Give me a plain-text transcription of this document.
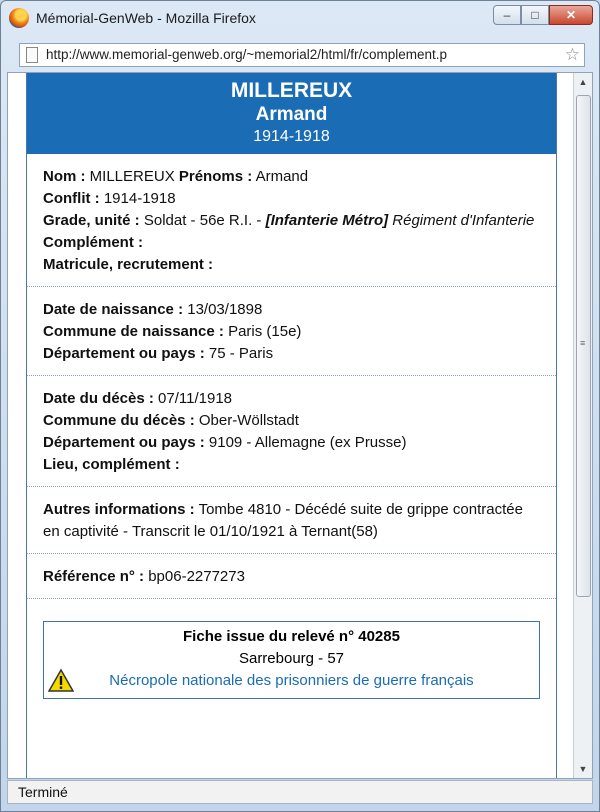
Mémorial-GenWeb - Mozilla Firefox	–	□	✕
http://www.memorial-genweb.org/~memorial2/html/fr/complement.p	☆
MILLEREUX
Armand
1914-1918
Nom : MILLEREUX Prénoms : Armand
Conflit : 1914-1918
Grade, unité : Soldat - 56e R.I. - [Infanterie Métro] Régiment d'Infanterie
Complément :
Matricule, recrutement :
Date de naissance : 13/03/1898
Commune de naissance : Paris (15e)
Département ou pays : 75 - Paris
Date du décès : 07/11/1918
Commune du décès : Ober-Wöllstadt
Département ou pays : 9109 - Allemagne (ex Prusse)
Lieu, complément :
Autres informations : Tombe 4810 - Décédé suite de grippe contractée en captivité - Transcrit le 01/10/1921 à Ternant(58)
Référence n° : bp06-2277273
Fiche issue du relevé n° 40285
Sarrebourg - 57
Nécropole nationale des prisonniers de guerre français
▲
≡
▼
Terminé
